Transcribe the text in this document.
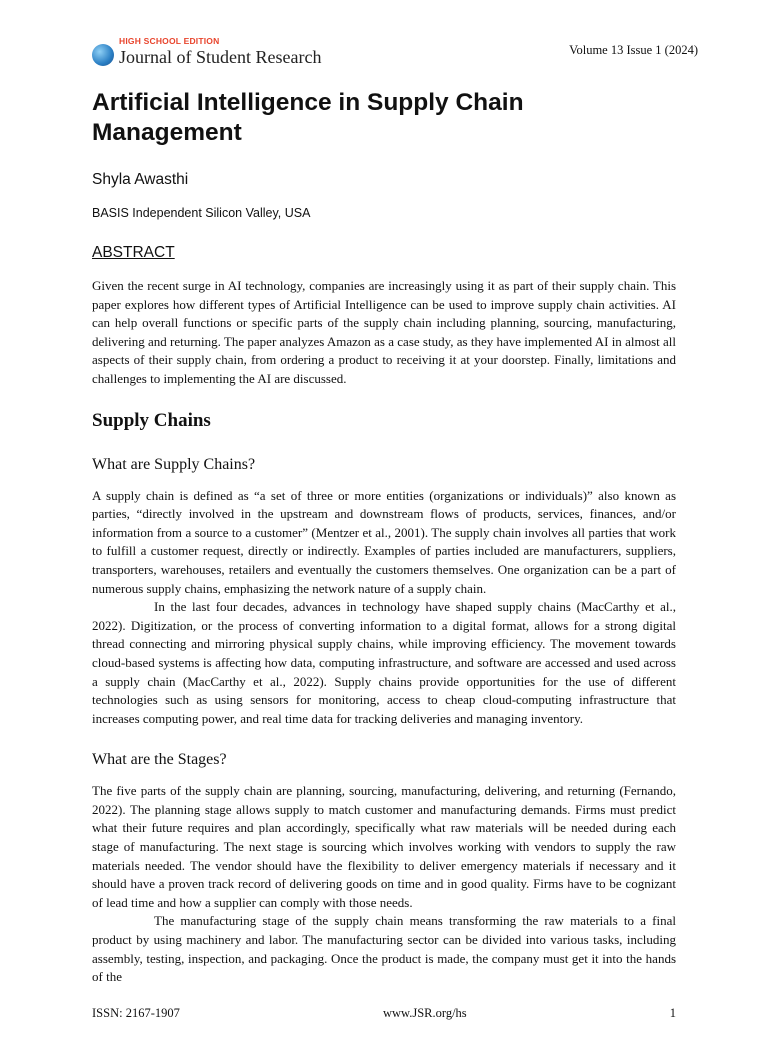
HIGH SCHOOL EDITION
Journal of Student Research	Volume 13 Issue 1 (2024)
Artificial Intelligence in Supply Chain Management
Shyla Awasthi
BASIS Independent Silicon Valley, USA
ABSTRACT

Given the recent surge in AI technology, companies are increasingly using it as part of their supply chain. This paper explores how different types of Artificial Intelligence can be used to improve supply chain activities. AI can help overall functions or specific parts of the supply chain including planning, sourcing, manufacturing, delivering and returning. The paper analyzes Amazon as a case study, as they have implemented AI in almost all aspects of their supply chain, from ordering a product to receiving it at your doorstep. Finally, limitations and challenges to implementing the AI are discussed.

Supply Chains
What are Supply Chains?

A supply chain is defined as “a set of three or more entities (organizations or individuals)” also known as parties, “directly involved in the upstream and downstream flows of products, services, finances, and/or information from a source to a customer” (Mentzer et al., 2001). The supply chain involves all parties that work to fulfill a customer request, directly or indirectly. Examples of parties included are manufacturers, suppliers, transporters, warehouses, retailers and eventually the customers themselves. One organization can be a part of numerous supply chains, emphasizing the network nature of a supply chain.

In the last four decades, advances in technology have shaped supply chains (MacCarthy et al., 2022). Digitization, or the process of converting information to a digital format, allows for a strong digital thread connecting and mirroring physical supply chains, while improving efficiency. The movement towards cloud-based systems is affecting how data, computing infrastructure, and software are accessed and used across a supply chain (MacCarthy et al., 2022). Supply chains provide opportunities for the use of different technologies such as using sensors for monitoring, access to cheap cloud-computing infrastructure that increases computing power, and real time data for tracking deliveries and managing inventory.

What are the Stages?

The five parts of the supply chain are planning, sourcing, manufacturing, delivering, and returning (Fernando, 2022). The planning stage allows supply to match customer and manufacturing demands. Firms must predict what their future requires and plan accordingly, specifically what raw materials will be needed during each stage of manufacturing. The next stage is sourcing which involves working with vendors to supply the raw materials needed. The vendor should have the flexibility to deliver emergency materials if necessary and it should have a proven track record of delivering goods on time and in good quality. Firms have to be cognizant of lead time and how a supplier can comply with those needs.

The manufacturing stage of the supply chain means transforming the raw materials to a final product by using machinery and labor. The manufacturing sector can be divided into various tasks, including assembly, testing, inspection, and packaging. Once the product is made, the company must get it into the hands of the

ISSN: 2167-1907	www.JSR.org/hs	1
